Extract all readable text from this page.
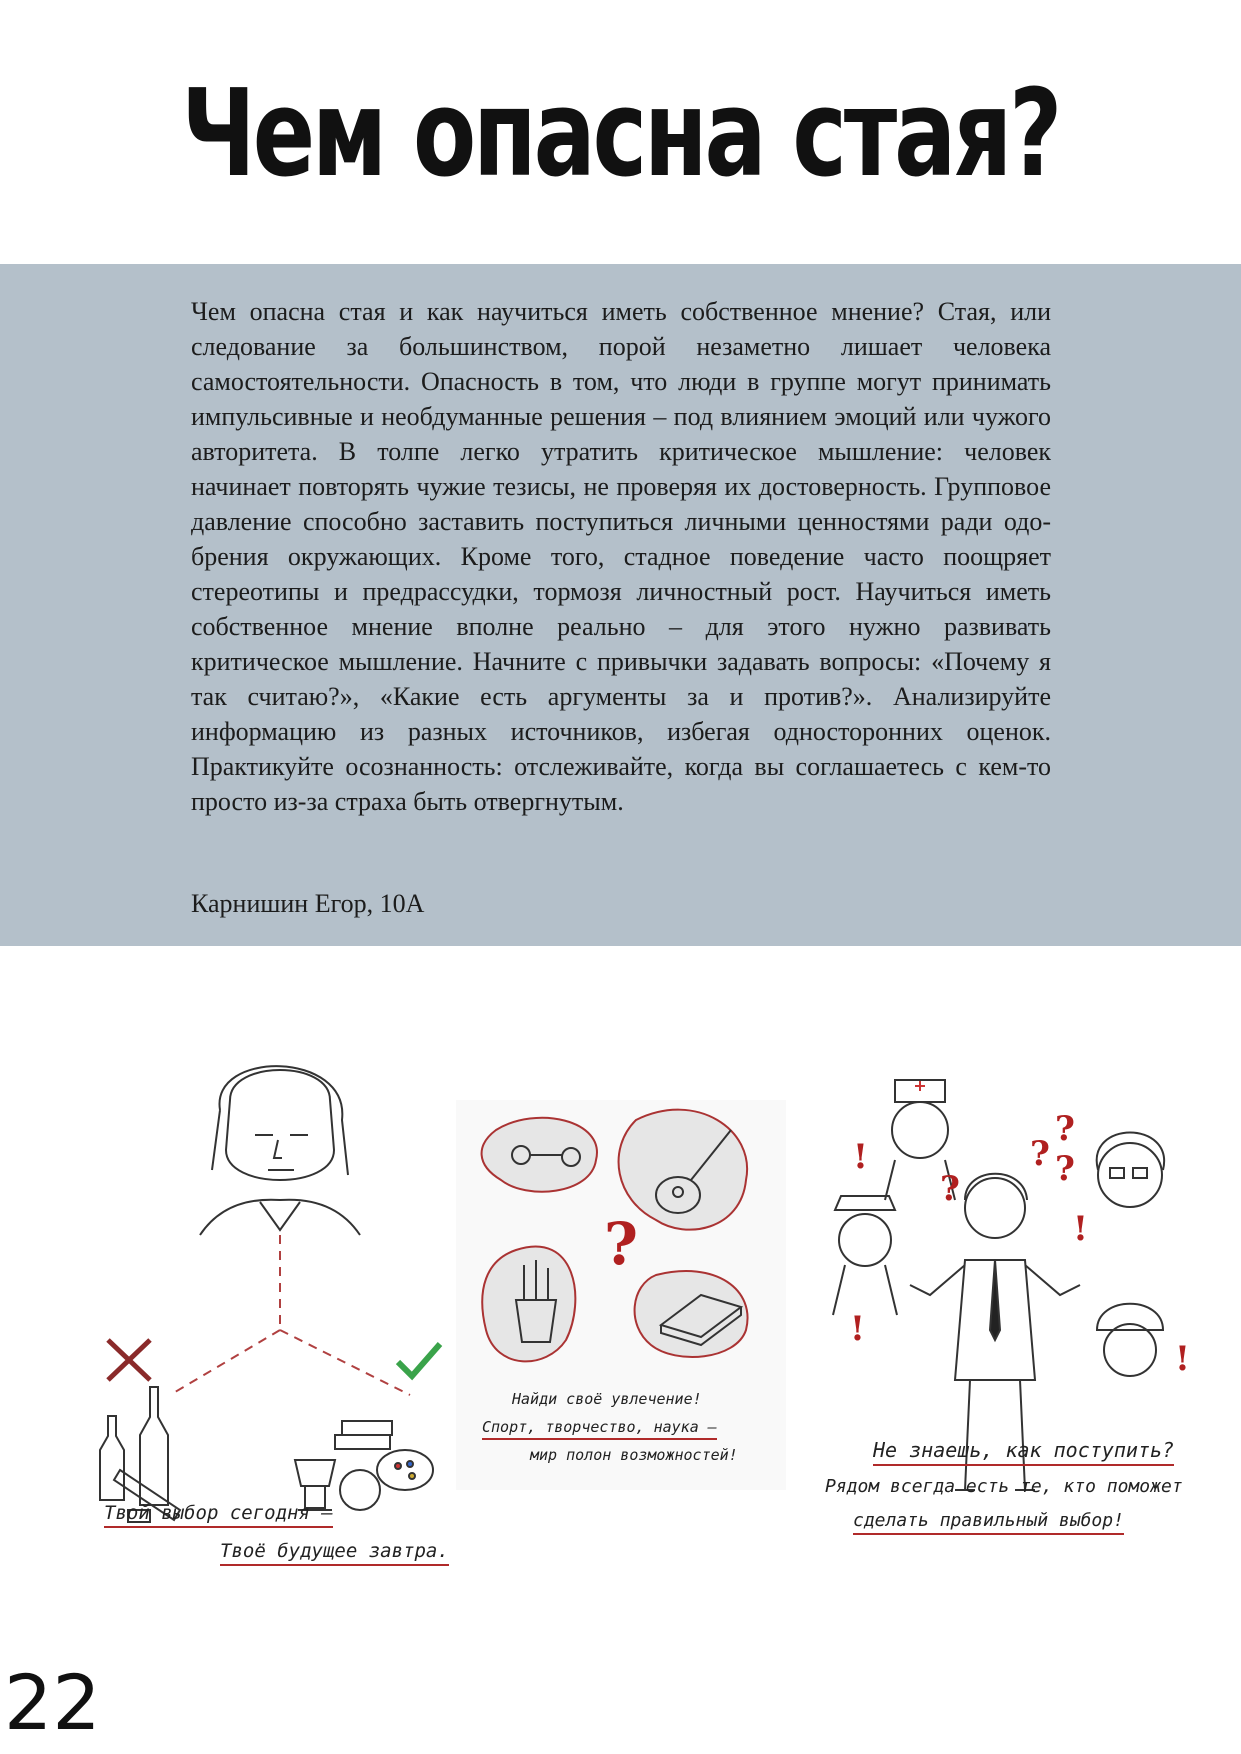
Чем опасна стая?

Чем опасна стая и как научиться иметь собственное мнение? Стая, или следование за большинством, порой незаметно лишает человека самостоятельности. Опасность в том, что люди в группе могут принимать импульсивные и необдуманные решения – под влиянием эмоций или чужого авторитета. В толпе легко утратить критическое мышление: человек начинает повторять чужие тезисы, не проверяя их достоверность. Групповое давление способно заставить поступиться личными ценностями ради одобрения окружающих. Кроме того, стадное поведение часто поощряет стереотипы и предрассудки, тормозя личностный рост. Научиться иметь собственное мнение вполне реально – для этого нужно развивать критическое мышление. Начните с привычки задавать вопросы: «Почему я так считаю?», «Какие есть аргументы за и против?». Анализируйте информацию из разных источников, избегая односторонних оценок. Практикуйте осознанность: отслеживайте, когда вы соглашаетесь с кем-то просто из-за страха быть отвергнутым.

Карнишин Егор, 10А

Твой выбор сегодня —
Твоё будущее завтра.
?
Найди своё увлечение!
Спорт, творчество, наука —
мир полон возможностей!
!
?
?
?
!
!
!
?
Не знаешь, как поступить?
Рядом всегда есть те, кто поможет
сделать правильный выбор!
22
